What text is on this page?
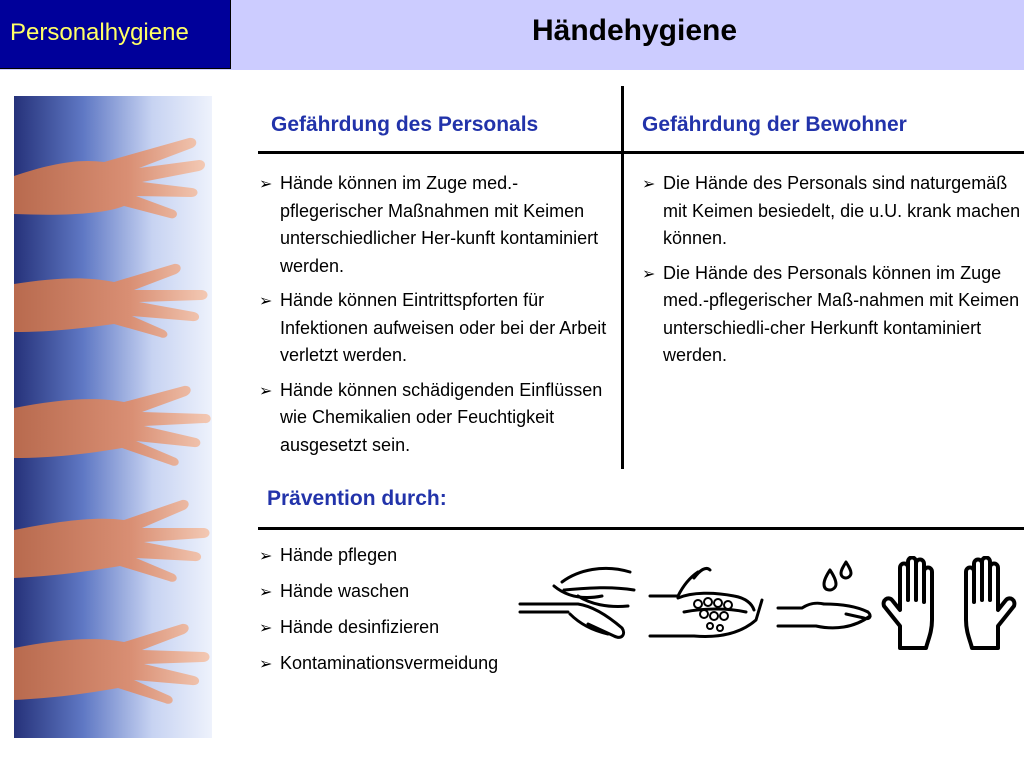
Personalhygiene	Händehygiene
Gefährdung des Personals	Gefährdung der Bewohner
➢ Hände können im Zuge med.-pflegerischer Maßnahmen mit Keimen unterschiedlicher Her-kunft kontaminiert werden.
➢ Hände können Eintrittspforten für Infektionen aufweisen oder bei der Arbeit verletzt werden.
➢ Hände können schädigenden Einflüssen wie Chemikalien oder Feuchtigkeit ausgesetzt sein.
➢ Die Hände des Personals sind naturgemäß mit Keimen besiedelt, die u.U. krank machen können.
➢ Die Hände des Personals können im Zuge med.-pflegerischer Maß-nahmen mit Keimen unterschiedli-cher Herkunft kontaminiert werden.
Prävention durch:
➢ Hände pflegen
➢ Hände waschen
➢ Hände desinfizieren
➢ Kontaminationsvermeidung
